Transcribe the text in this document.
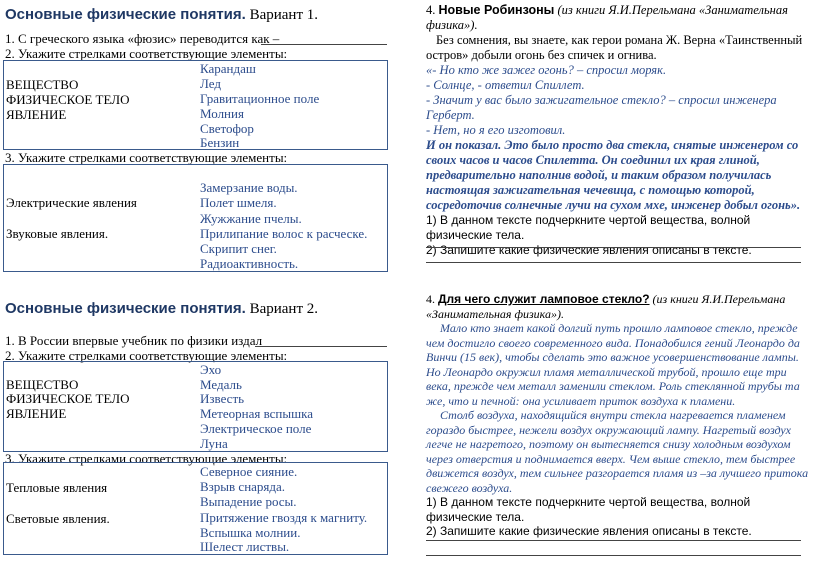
Основные физические понятия. Вариант 1.
1. С греческого языка «фюзис» переводится как –
2. Укажите стрелками соответствующие элементы:
ВЕЩЕСТВО
ФИЗИЧЕСКОЕ ТЕЛО
ЯВЛЕНИЕ
Карандаш
Лед
Гравитационное поле
Молния
Светофор
Бензин
3. Укажите стрелками соответствующие элементы:
Электрические явления
Звуковые явления.
Замерзание воды.
Полет шмеля.
Жужжание пчелы.
Прилипание волос к расческе.
Скрипит снег.
Радиоактивность.
Основные физические понятия. Вариант 2.
1. В России впервые учебник по физики издал
2. Укажите стрелками соответствующие элементы:
ВЕЩЕСТВО
ФИЗИЧЕСКОЕ ТЕЛО
ЯВЛЕНИЕ
Эхо
Медаль
Известь
Метеорная вспышка
Электрическое поле
Луна
3. Укажите стрелками соответствующие элементы:
Тепловые явления
Световые явления.
Северное сияние.
Взрыв снаряда.
Выпадение росы.
Притяжение гвоздя к магниту.
Вспышка молнии.
Шелест листвы.

4. Новые Робинзоны (из книги Я.И.Перельмана «Занимательная физика»).

Без сомнения, вы знаете, как герои романа Ж. Верна «Таинственный остров» добыли огонь без спичек и огнива.

«- Но кто же зажег огонь? – спросил моряк.

- Солнце, - ответил Спиллет.

- Значит у вас было зажигательное стекло? – спросил инженера Герберт.

- Нет, но я его изготовил.

И он показал. Это было просто два стекла, снятые инженером со своих часов и часов Спилетта. Он соединил их края глиной, предварительно наполнив водой, и таким образом получилась настоящая зажигательная чечевица, с помощью которой, сосредоточив солнечные лучи на сухом мхе, инженер добыл огонь».

1) В данном тексте подчеркните чертой вещества, волной физические тела.

2) Запишите какие физические явления описаны в тексте.

4. Для чего служит ламповое стекло? (из книги Я.И.Перельмана «Занимательная физика»).

Мало кто знает какой долгий путь прошло ламповое стекло, прежде чем достигло своего современного вида. Понадобился гений Леонардо да Винчи (15 век), чтобы сделать это важное усовершенствование лампы. Но Леонардо окружил пламя металлической трубой, прошло еще три века, прежде чем металл заменили стеклом. Роль стеклянной трубы та же, что и печной: она усиливает приток воздуха к пламени.

Столб воздуха, находящийся внутри стекла нагревается пламенем гораздо быстрее, нежели воздух окружающий лампу. Нагретый воздух легче не нагретого, поэтому он вытесняется снизу холодным воздухом через отверстия и поднимается вверх. Чем выше стекло, тем быстрее движется воздух, тем сильнее разгорается пламя из –за лучшего притока свежего воздуха.

1) В данном тексте подчеркните чертой вещества, волной физические тела.

2) Запишите какие физические явления описаны в тексте.
